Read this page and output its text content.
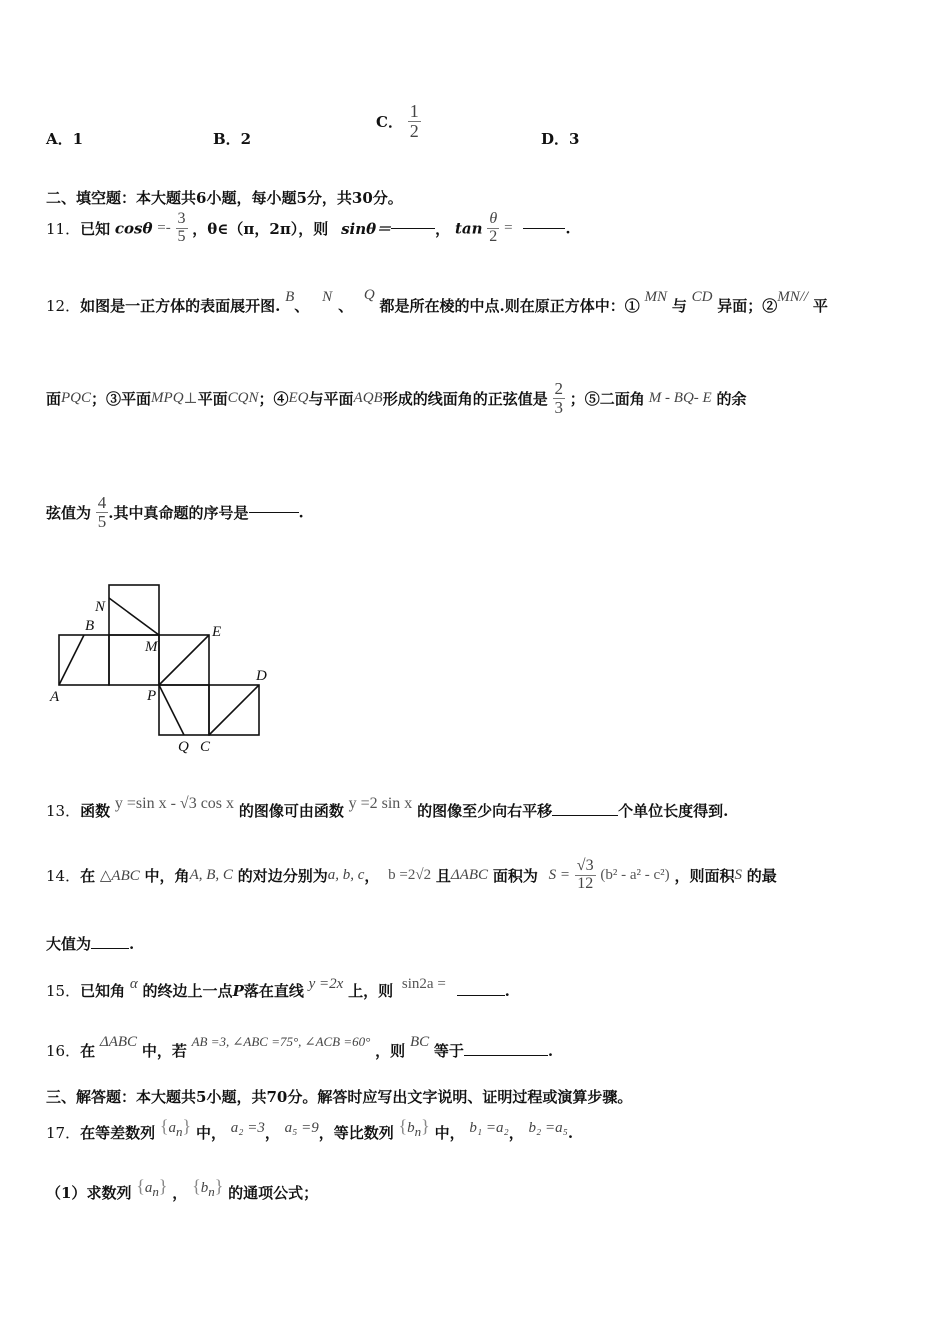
A．1	B．2
C． $\frac{1}{2}$	D．3
二、填空题：本大题共6小题，每小题5分，共30分。
11．已知 $\cos\theta =- \frac{3}{5}$ ，θ∈（π，2π），则 sinθ＝	， $\tan \frac{\theta}{2}$ =	.
12．如图是一正方体的表面展开图. B、 N 、 Q 都是所在棱的中点.则在原正方体中：① MN 与 CD 异面；②MN// 平
面PQC；③平面MPQ⊥平面CQN；④EQ与平面AQB形成的线面角的正弦值是 $\frac{2}{3}$ ；⑤二面角 M - BQ- E 的余
弦值为 $\frac{4}{5}$ .其中真命题的序号是	.
N
B
M
E
A	P
D
Q C
13．函数 y =sin x - √3 cos x 的图像可由函数 y =2 sin x 的图像至少向右平移	个单位长度得到.
14．在 △ABC 中，角A, B, C 的对边分别为a, b, c， b =2√2 且ΔABC 面积为 $S = \frac{√3}{12} (b^2 - a^2 - c^2)$ ，则面积S 的最
大值为	.
15．已知角 α 的终边上一点P落在直线 y =2x 上，则 sin2a =	.
16．在 ΔABC 中，若 AB =3, ∠ABC =75°, ∠ACB =60° ，则 BC 等于	.
三、解答题：本大题共5小题，共70分。解答时应写出文字说明、证明过程或演算步骤。
17．在等差数列 $\{a_n\}$ 中， a₂ =3， a₅ =9，等比数列 $\{b_n\}$ 中， b₁ =a₂， b₂ =a₅.
（1）求数列 $\{a_n\}$ ， $\{b_n\}$ 的通项公式；
